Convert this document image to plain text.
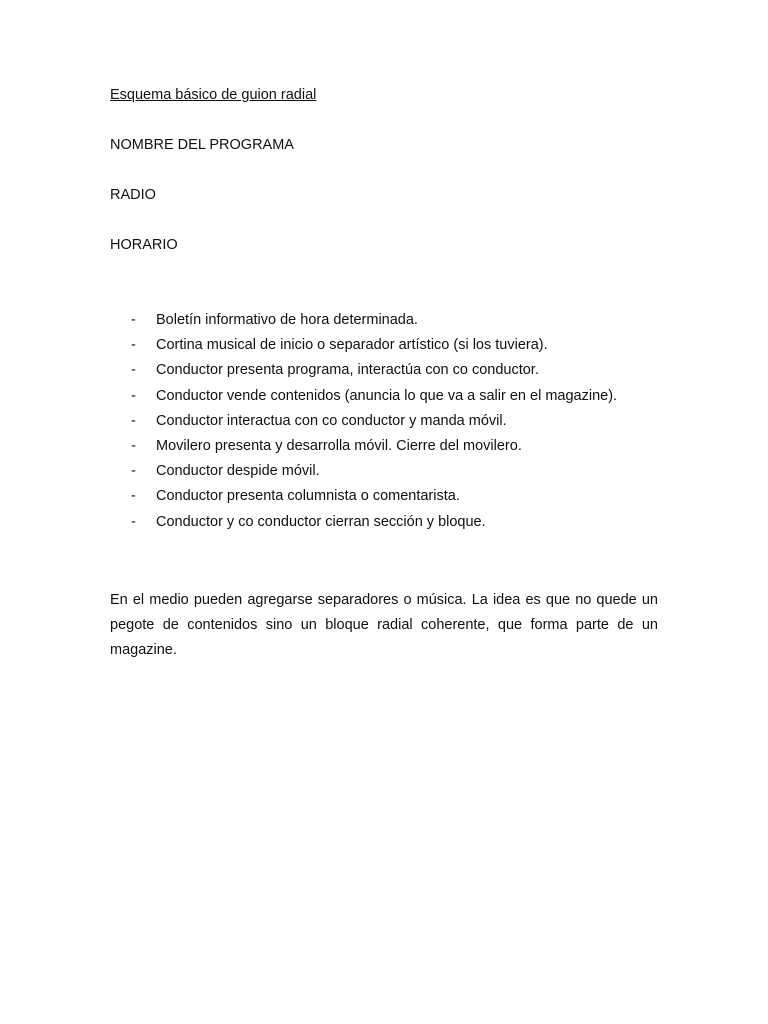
Esquema básico de guion radial

NOMBRE DEL PROGRAMA

RADIO

HORARIO

- Boletín informativo de hora determinada.
- Cortina musical de inicio o separador artístico (si los tuviera).
- Conductor presenta programa, interactúa con co conductor.
- Conductor vende contenidos (anuncia lo que va a salir en el magazine).
- Conductor interactua con co conductor y manda móvil.
- Movilero presenta y desarrolla móvil. Cierre del movilero.
- Conductor despide móvil.
- Conductor presenta columnista o comentarista.
- Conductor y co conductor cierran sección y bloque.

En el medio pueden agregarse separadores o música. La idea es que no quede un pegote de contenidos sino un bloque radial coherente, que forma parte de un magazine.
